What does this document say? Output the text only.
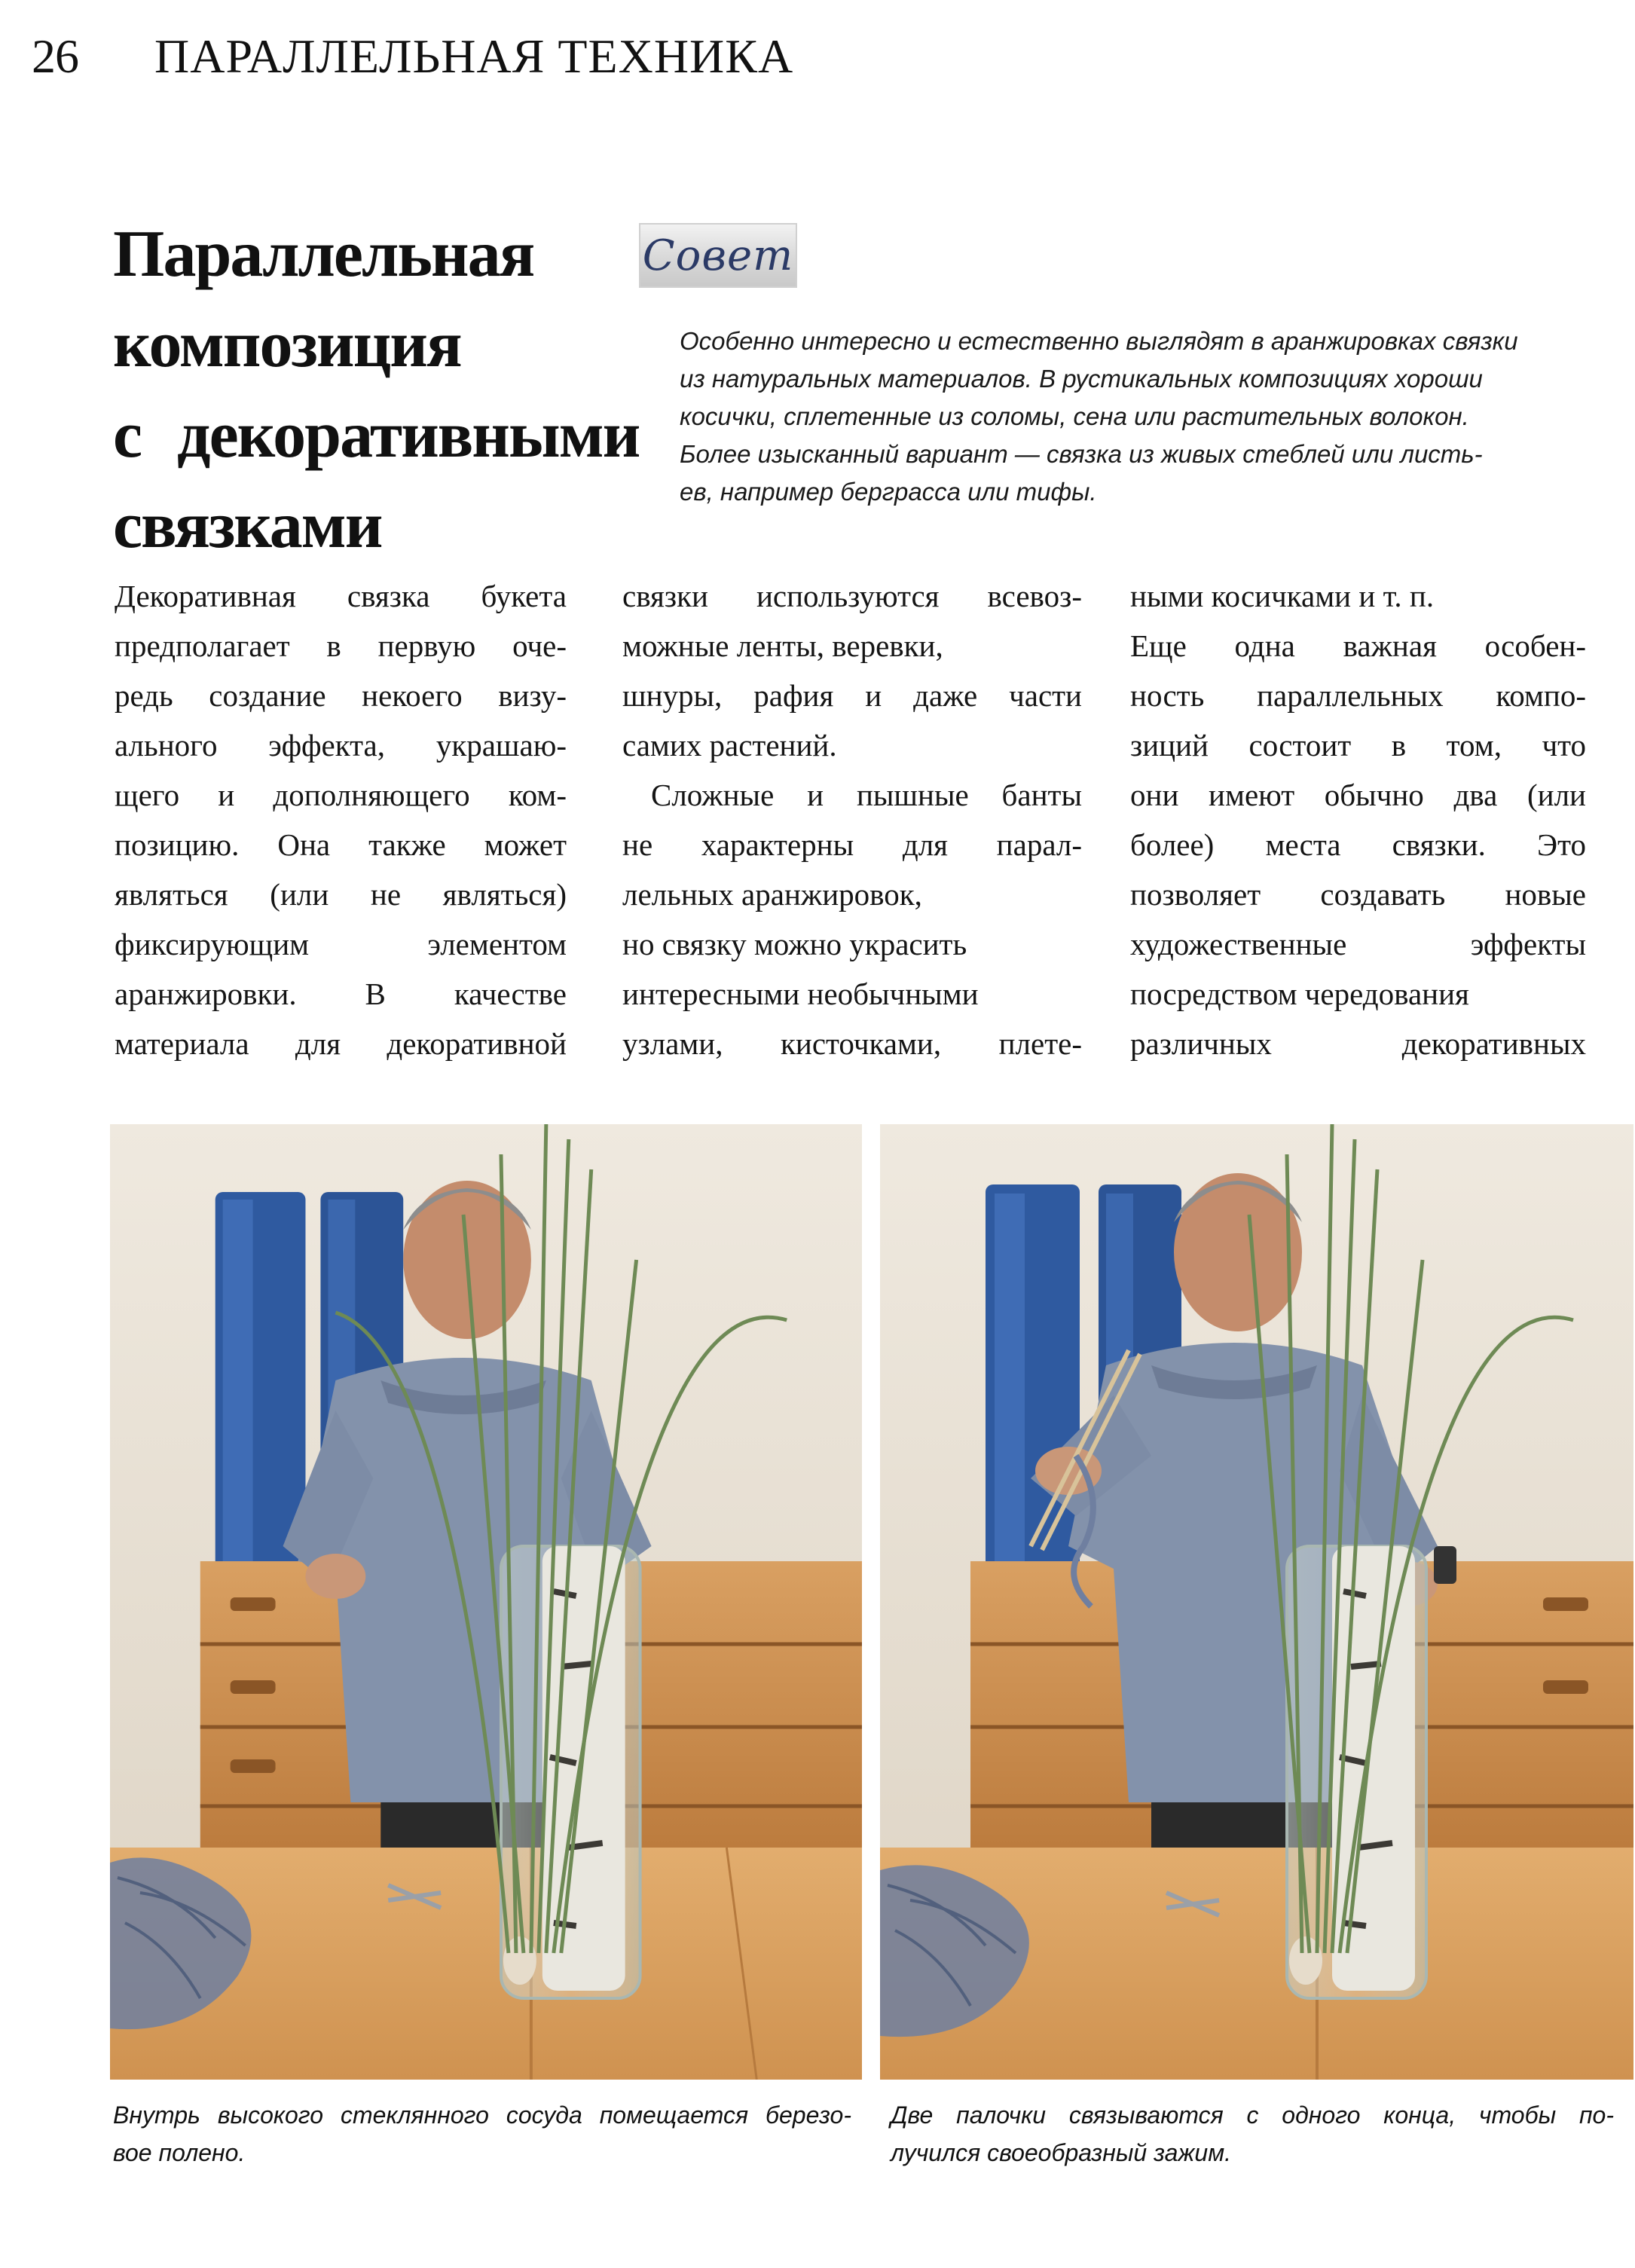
26 ПАРАЛЛЕЛЬНАЯ ТЕХНИКА
Параллельная
композиция
с декоративными
связками
Совет
Особенно интересно и естественно выглядят в аранжировках связки
из натуральных материалов. В рустикальных композициях хороши
косички, сплетенные из соломы, сена или растительных волокон.
Более изысканный вариант — связка из живых стеблей или листь-
ев, например берграсса или тифы.
Декоративная связка букета
предполагает в первую оче-
редь создание некоего визу-
ального эффекта, украшаю-
щего и дополняющего ком-
позицию. Она также может
являться (или не являться)
фиксирующим элементом
аранжировки. В качестве
материала для декоративной
связки используются всевоз-
можные ленты, веревки,
шнуры, рафия и даже части
самих растений.
Сложные и пышные банты
не характерны для парал-
лельных аранжировок,
но связку можно украсить
интересными необычными
узлами, кисточками, плете-
ными косичками и т. п.
Еще одна важная особен-
ность параллельных компо-
зиций состоит в том, что
они имеют обычно два (или
более) места связки. Это
позволяет создавать новые
художественные эффекты
посредством чередования
различных декоративных
Внутрь высокого стеклянного сосуда помещается березо-
вое полено.
Две палочки связываются с одного конца, чтобы по-
лучился своеобразный зажим.
